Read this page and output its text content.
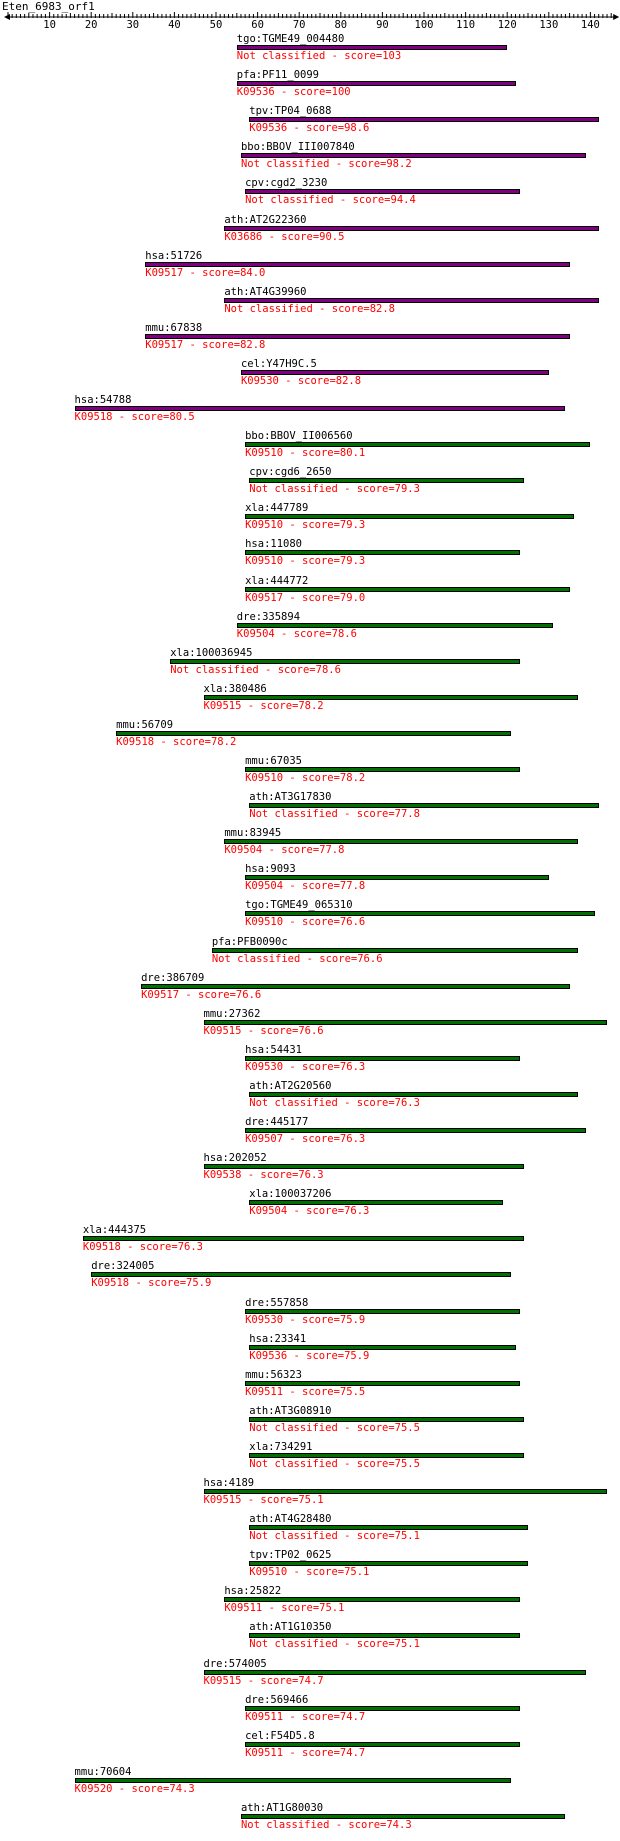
Eten_6983_orf1
10	20	30	40	50	60	70	80	90 100 110 120 130 140
tgo:TGME49_004480
Not classified - score=103
pfa:PF11_0099
K09536 - score=100
tpv:TP04_0688
K09536 - score=98.6
bbo:BBOV_III007840
Not classified - score=98.2
cpv:cgd2_3230
Not classified - score=94.4
ath:AT2G22360
K03686 - score=90.5
hsa:51726
K09517 - score=84.0
ath:AT4G39960
Not classified - score=82.8
mmu:67838
K09517 - score=82.8
cel:Y47H9C.5
K09530 - score=82.8
hsa:54788
K09518 - score=80.5
bbo:BBOV_II006560
K09510 - score=80.1
cpv:cgd6_2650
Not classified - score=79.3
xla:447789
K09510 - score=79.3
hsa:11080
K09510 - score=79.3
xla:444772
K09517 - score=79.0
dre:335894
K09504 - score=78.6
xla:100036945
Not classified - score=78.6
xla:380486
K09515 - score=78.2
mmu:56709
K09518 - score=78.2
mmu:67035
K09510 - score=78.2
ath:AT3G17830
Not classified - score=77.8
mmu:83945
K09504 - score=77.8
hsa:9093
K09504 - score=77.8
tgo:TGME49_065310
K09510 - score=76.6
pfa:PFB0090c
Not classified - score=76.6
dre:386709
K09517 - score=76.6
mmu:27362
K09515 - score=76.6
hsa:54431
K09530 - score=76.3
ath:AT2G20560
Not classified - score=76.3
dre:445177
K09507 - score=76.3
hsa:202052
K09538 - score=76.3
xla:100037206
K09504 - score=76.3
xla:444375
K09518 - score=76.3
dre:324005
K09518 - score=75.9
dre:557858
K09530 - score=75.9
hsa:23341
K09536 - score=75.9
mmu:56323
K09511 - score=75.5
ath:AT3G08910
Not classified - score=75.5
xla:734291
Not classified - score=75.5
hsa:4189
K09515 - score=75.1
ath:AT4G28480
Not classified - score=75.1
tpv:TP02_0625
K09510 - score=75.1
hsa:25822
K09511 - score=75.1
ath:AT1G10350
Not classified - score=75.1
dre:574005
K09515 - score=74.7
dre:569466
K09511 - score=74.7
cel:F54D5.8
K09511 - score=74.7
mmu:70604
K09520 - score=74.3
ath:AT1G80030
Not classified - score=74.3
